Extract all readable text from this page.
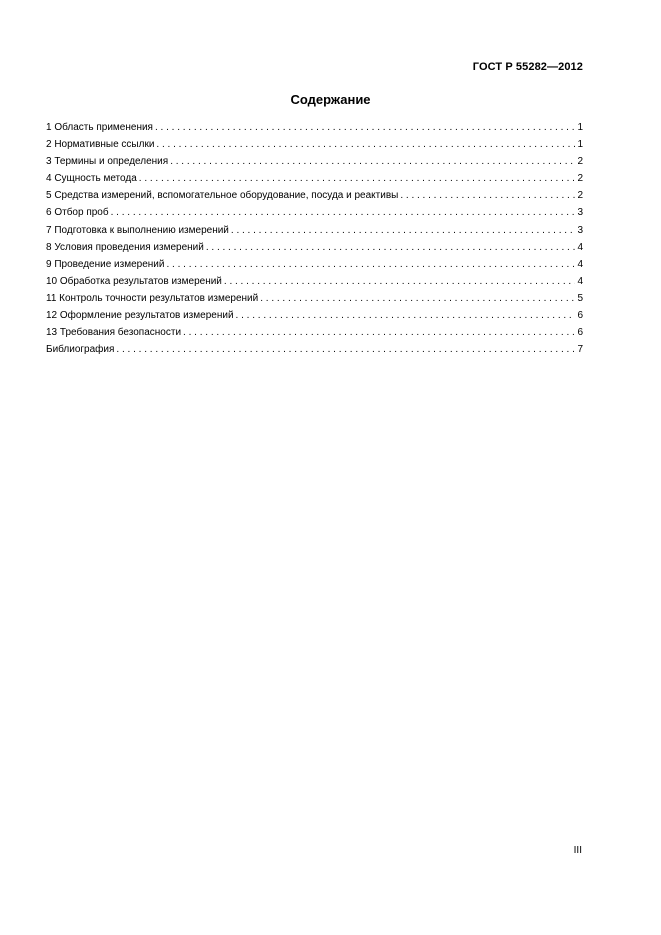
ГОСТ Р 55282—2012
Содержание
1 Область применения . . .	1
2 Нормативные ссылки . . .	1
3 Термины и определения . . .	2
4 Сущность метода . . .	2
5 Средства измерений, вспомогательное оборудование, посуда и реактивы . . .	2
6 Отбор проб . . .	3
7 Подготовка к выполнению измерений . . .	3
8 Условия проведения измерений . . .	4
9 Проведение измерений . . .	4
10 Обработка результатов измерений . . .	4
11 Контроль точности результатов измерений . . .	5
12 Оформление результатов измерений . . .	6
13 Требования безопасности . . .	6
Библиография . . .	7
III
